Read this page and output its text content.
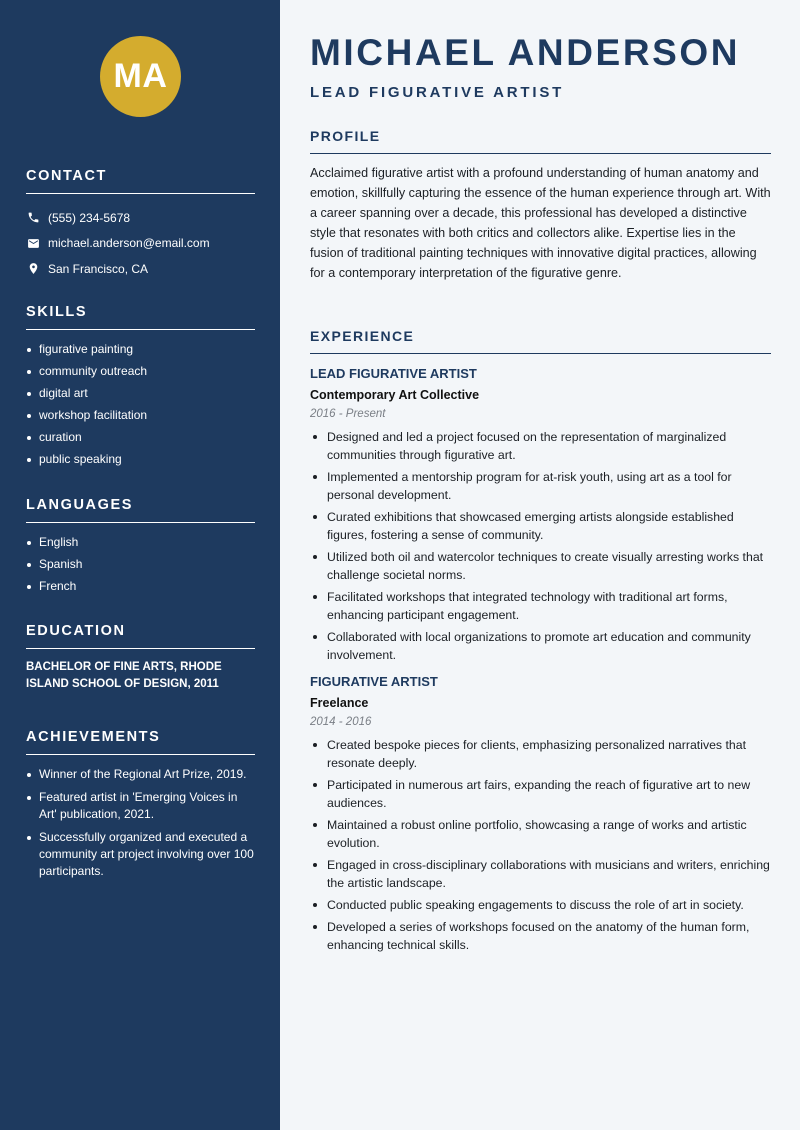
MA
CONTACT
(555) 234-5678
michael.anderson@email.com
San Francisco, CA
SKILLS
figurative painting
community outreach
digital art
workshop facilitation
curation
public speaking
LANGUAGES
English
Spanish
French
EDUCATION
BACHELOR OF FINE ARTS, RHODE ISLAND SCHOOL OF DESIGN, 2011
ACHIEVEMENTS
Winner of the Regional Art Prize, 2019.
Featured artist in 'Emerging Voices in Art' publication, 2021.
Successfully organized and executed a community art project involving over 100 participants.
MICHAEL ANDERSON
LEAD FIGURATIVE ARTIST
PROFILE

Acclaimed figurative artist with a profound understanding of human anatomy and emotion, skillfully capturing the essence of the human experience through art. With a career spanning over a decade, this professional has developed a distinctive style that resonates with both critics and collectors alike. Expertise lies in the fusion of traditional painting techniques with innovative digital practices, allowing for a contemporary interpretation of the figurative genre.

EXPERIENCE
LEAD FIGURATIVE ARTIST
Contemporary Art Collective
2016 - Present
Designed and led a project focused on the representation of marginalized communities through figurative art.
Implemented a mentorship program for at-risk youth, using art as a tool for personal development.
Curated exhibitions that showcased emerging artists alongside established figures, fostering a sense of community.
Utilized both oil and watercolor techniques to create visually arresting works that challenge societal norms.
Facilitated workshops that integrated technology with traditional art forms, enhancing participant engagement.
Collaborated with local organizations to promote art education and community involvement.
FIGURATIVE ARTIST
Freelance
2014 - 2016
Created bespoke pieces for clients, emphasizing personalized narratives that resonate deeply.
Participated in numerous art fairs, expanding the reach of figurative art to new audiences.
Maintained a robust online portfolio, showcasing a range of works and artistic evolution.
Engaged in cross-disciplinary collaborations with musicians and writers, enriching the artistic landscape.
Conducted public speaking engagements to discuss the role of art in society.
Developed a series of workshops focused on the anatomy of the human form, enhancing technical skills.
